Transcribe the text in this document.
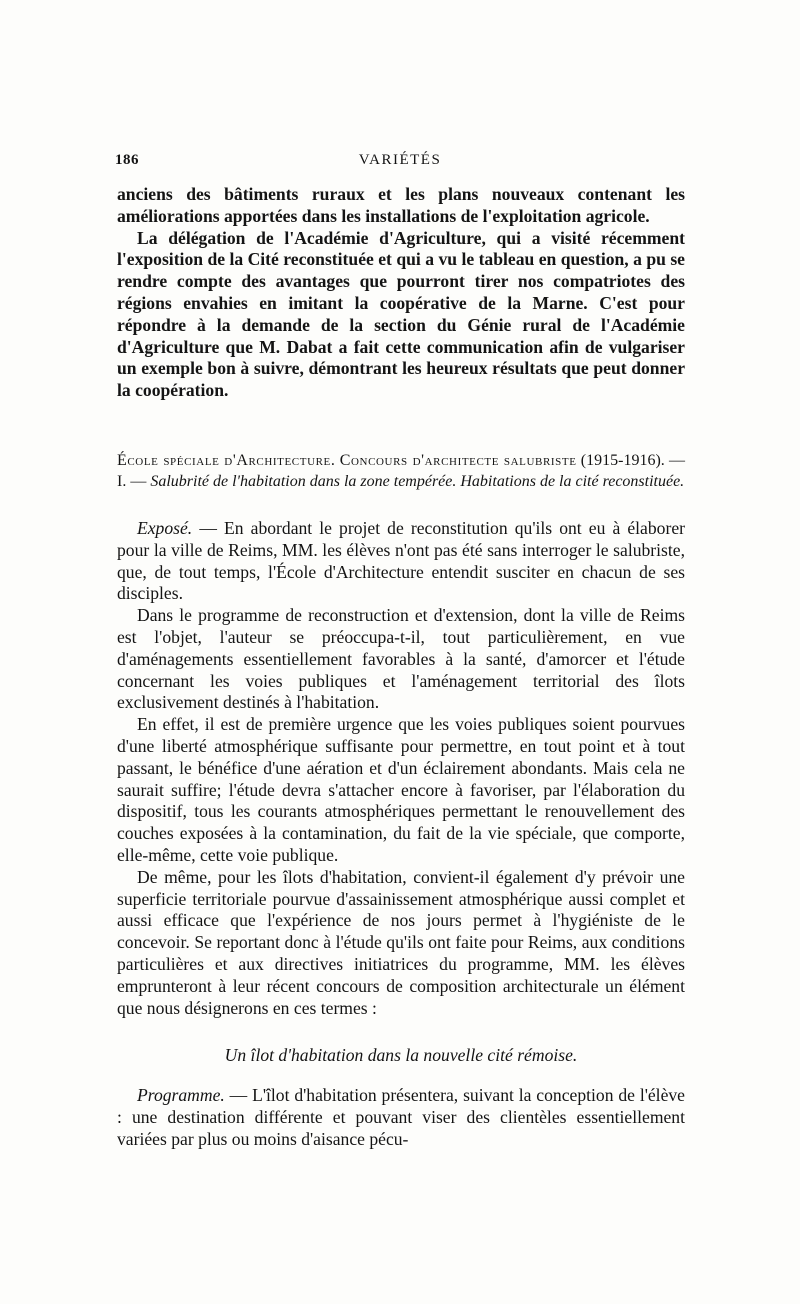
186	VARIÉTÉS

anciens des bâtiments ruraux et les plans nouveaux contenant les améliorations apportées dans les installations de l'exploitation agricole.

La délégation de l'Académie d'Agriculture, qui a visité récemment l'exposition de la Cité reconstituée et qui a vu le tableau en question, a pu se rendre compte des avantages que pourront tirer nos compatriotes des régions envahies en imitant la coopérative de la Marne. C'est pour répondre à la demande de la section du Génie rural de l'Académie d'Agriculture que M. Dabat a fait cette communication afin de vulgariser un exemple bon à suivre, démontrant les heureux résultats que peut donner la coopération.

École spéciale d'Architecture. Concours d'architecte salubriste (1915-1916). — I. — Salubrité de l'habitation dans la zone tempérée. Habitations de la cité reconstituée.

Exposé. — En abordant le projet de reconstitution qu'ils ont eu à élaborer pour la ville de Reims, MM. les élèves n'ont pas été sans interroger le salubriste, que, de tout temps, l'École d'Architecture entendit susciter en chacun de ses disciples.

Dans le programme de reconstruction et d'extension, dont la ville de Reims est l'objet, l'auteur se préoccupa-t-il, tout particulièrement, en vue d'aménagements essentiellement favorables à la santé, d'amorcer et l'étude concernant les voies publiques et l'aménagement territorial des îlots exclusivement destinés à l'habitation.

En effet, il est de première urgence que les voies publiques soient pourvues d'une liberté atmosphérique suffisante pour permettre, en tout point et à tout passant, le bénéfice d'une aération et d'un éclairement abondants. Mais cela ne saurait suffire; l'étude devra s'attacher encore à favoriser, par l'élaboration du dispositif, tous les courants atmosphériques permettant le renouvellement des couches exposées à la contamination, du fait de la vie spéciale, que comporte, elle-même, cette voie publique.

De même, pour les îlots d'habitation, convient-il également d'y prévoir une superficie territoriale pourvue d'assainissement atmosphérique aussi complet et aussi efficace que l'expérience de nos jours permet à l'hygiéniste de le concevoir. Se reportant donc à l'étude qu'ils ont faite pour Reims, aux conditions particulières et aux directives initiatrices du programme, MM. les élèves emprunteront à leur récent concours de composition architecturale un élément que nous désignerons en ces termes :

Un îlot d'habitation dans la nouvelle cité rémoise.

Programme. — L'îlot d'habitation présentera, suivant la conception de l'élève : une destination différente et pouvant viser des clientèles essentiellement variées par plus ou moins d'aisance pécu-
